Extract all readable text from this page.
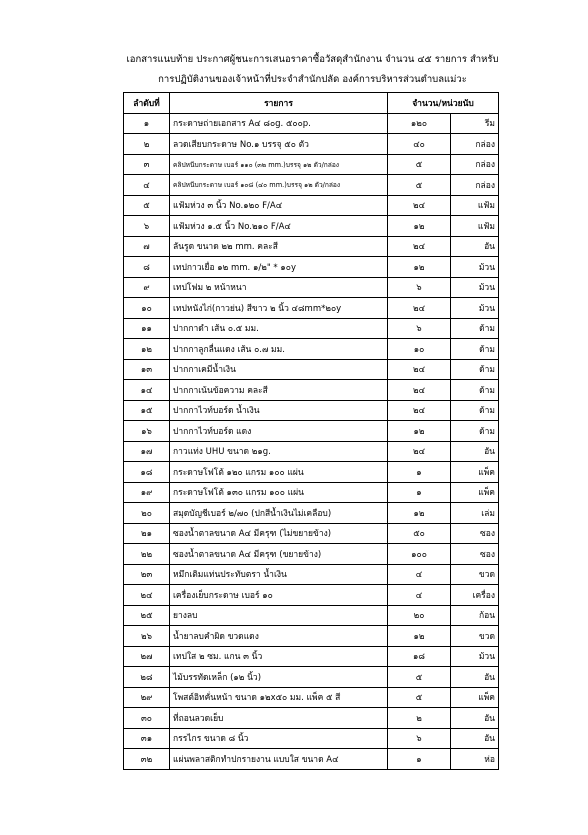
เอกสารแนบท้าย ประกาศผู้ชนะการเสนอราคาซื้อวัสดุสำนักงาน จำนวน ๔๕ รายการ สำหรับ
การปฏิบัติงานของเจ้าหน้าที่ประจำสำนักปลัด องค์การบริหารส่วนตำบลแม่วะ
ลำดับที่	รายการ	จำนวน/หน่วยนับ	
๑	กระดาษถ่ายเอกสาร A๔ ๘๐g. ๕๐๐p.	๑๒๐	รีม
๒	ลวดเสียบกระดาษ No.๑ บรรจุ ๕๐ ตัว	๔๐	กล่อง
๓	คลิปหนีบกระดาษ เบอร์ ๑๑๐ (๓๒ mm.)บรรจุ ๑๒ ตัว/กล่อง	๕	กล่อง
๔	คลิปหนีบกระดาษ เบอร์ ๑๐๘ (๔๐ mm.)บรรจุ ๑๒ ตัว/กล่อง	๕	กล่อง
๕	แฟ้มห่วง ๓ นิ้ว No.๑๒๐ F/A๔	๒๔	แฟ้ม
๖	แฟ้มห่วง ๑.๕ นิ้ว No.๒๑๐ F/A๔	๑๒	แฟ้ม
๗	ลันรูด ขนาด ๒๒ mm. คละสี	๒๔	อัน
๘	เทปกาวเยื่อ ๑๒ mm. ๑/๒" * ๑๐y	๑๒	ม้วน
๙	เทปโฟม ๒ หน้าหนา	๖	ม้วน
๑๐	เทปหนังไก่(กาวย่น) สีขาว ๒ นิ้ว ๔๘mm*๒๐y	๒๔	ม้วน
๑๑	ปากกาดำ เส้น ๐.๕ มม.	๖	ด้าม
๑๒	ปากกาลูกลื่นแดง เส้น ๐.๗ มม.	๑๐	ด้าม
๑๓	ปากกาเคมีน้ำเงิน	๒๔	ด้าม
๑๔	ปากกาเน้นข้อความ คละสี	๒๔	ด้าม
๑๕	ปากกาไวท์บอร์ด น้ำเงิน	๒๔	ด้าม
๑๖	ปากกาไวท์บอร์ด แดง	๑๒	ด้าม
๑๗	กาวแท่ง UHU ขนาด ๒๑g.	๒๔	อัน
๑๘	กระดาษโฟโต้ ๑๒๐ แกรม ๑๐๐ แผ่น	๑	แพ็ค
๑๙	กระดาษโฟโต้ ๑๓๐ แกรม ๑๐๐ แผ่น	๑	แพ็ค
๒๐	สมุดบัญชีเบอร์ ๒/๗๐ (ปกสีน้ำเงินไม่เคลือบ)	๑๒	เล่ม
๒๑	ซองน้ำตาลขนาด A๔ มีครุฑ (ไม่ขยายข้าง)	๕๐	ซอง
๒๒	ซองน้ำตาลขนาด A๔ มีครุฑ (ขยายข้าง)	๑๐๐	ซอง
๒๓	หมึกเติมแท่นประทับตรา น้ำเงิน	๔	ขวด
๒๔	เครื่องเย็บกระดาษ เบอร์ ๑๐	๔	เครื่อง
๒๕	ยางลบ	๒๐	ก้อน
๒๖	น้ำยาลบคำผิด ขวดแดง	๑๒	ขวด
๒๗	เทปใส ๒ ซม. แกน ๓ นิ้ว	๑๘	ม้วน
๒๘	ไม้บรรทัดเหล็ก (๑๒ นิ้ว)	๕	อัน
๒๙	โพสต์อิทคั่นหน้า ขนาด ๑๒x๕๐ มม. แพ็ค ๕ สี	๕	แพ็ค
๓๐	ที่ถอนลวดเย็บ	๒	อัน
๓๑	กรรไกร ขนาด ๘ นิ้ว	๖	อัน
๓๒	แผ่นพลาสติกทำปกรายงาน แบบใส ขนาด A๔	๑	ห่อ
